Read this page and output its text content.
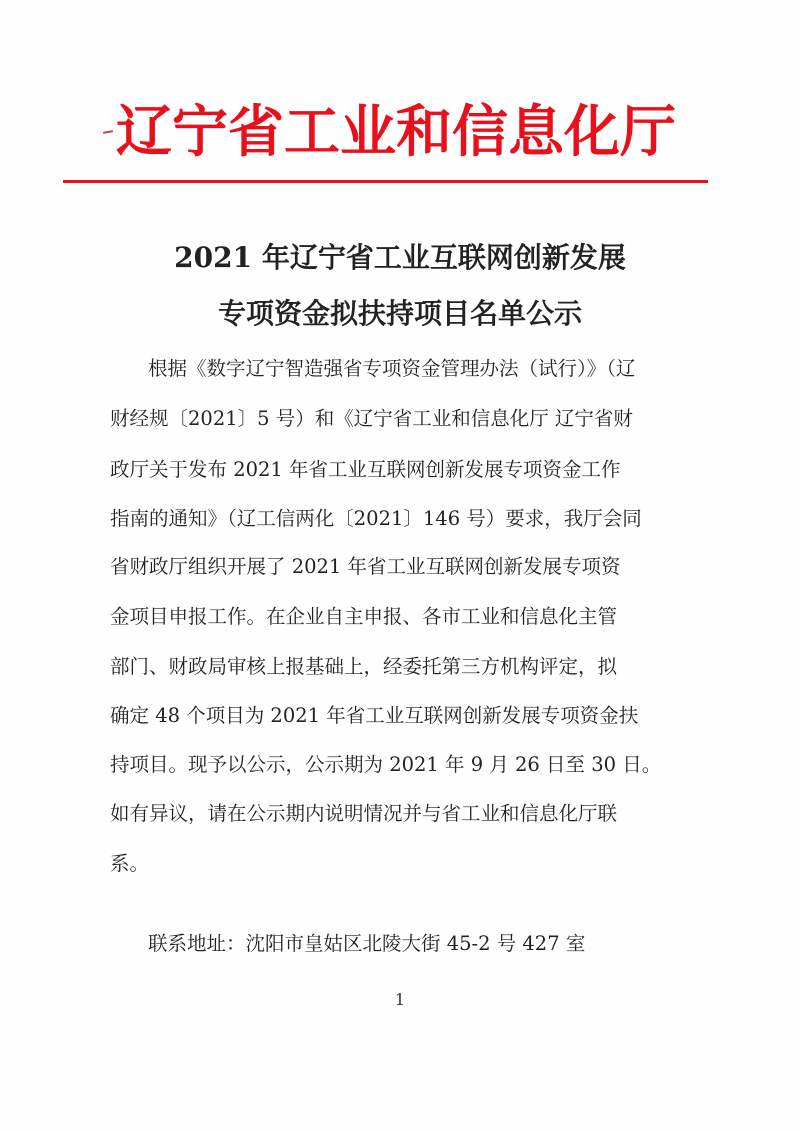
辽宁省工业和信息化厅
2021 年辽宁省工业互联网创新发展
专项资金拟扶持项目名单公示
根据《数字辽宁智造强省专项资金管理办法（试行）》（辽
财经规〔2021〕5 号）和《辽宁省工业和信息化厅 辽宁省财
政厅关于发布 2021 年省工业互联网创新发展专项资金工作
指南的通知》（辽工信两化〔2021〕146 号）要求，我厅会同
省财政厅组织开展了 2021 年省工业互联网创新发展专项资
金项目申报工作。在企业自主申报、各市工业和信息化主管
部门、财政局审核上报基础上，经委托第三方机构评定，拟
确定 48 个项目为 2021 年省工业互联网创新发展专项资金扶
持项目。现予以公示，公示期为 2021 年 9 月 26 日至 30 日。
如有异议，请在公示期内说明情况并与省工业和信息化厅联
系。
联系地址：沈阳市皇姑区北陵大街 45-2 号 427 室
1
